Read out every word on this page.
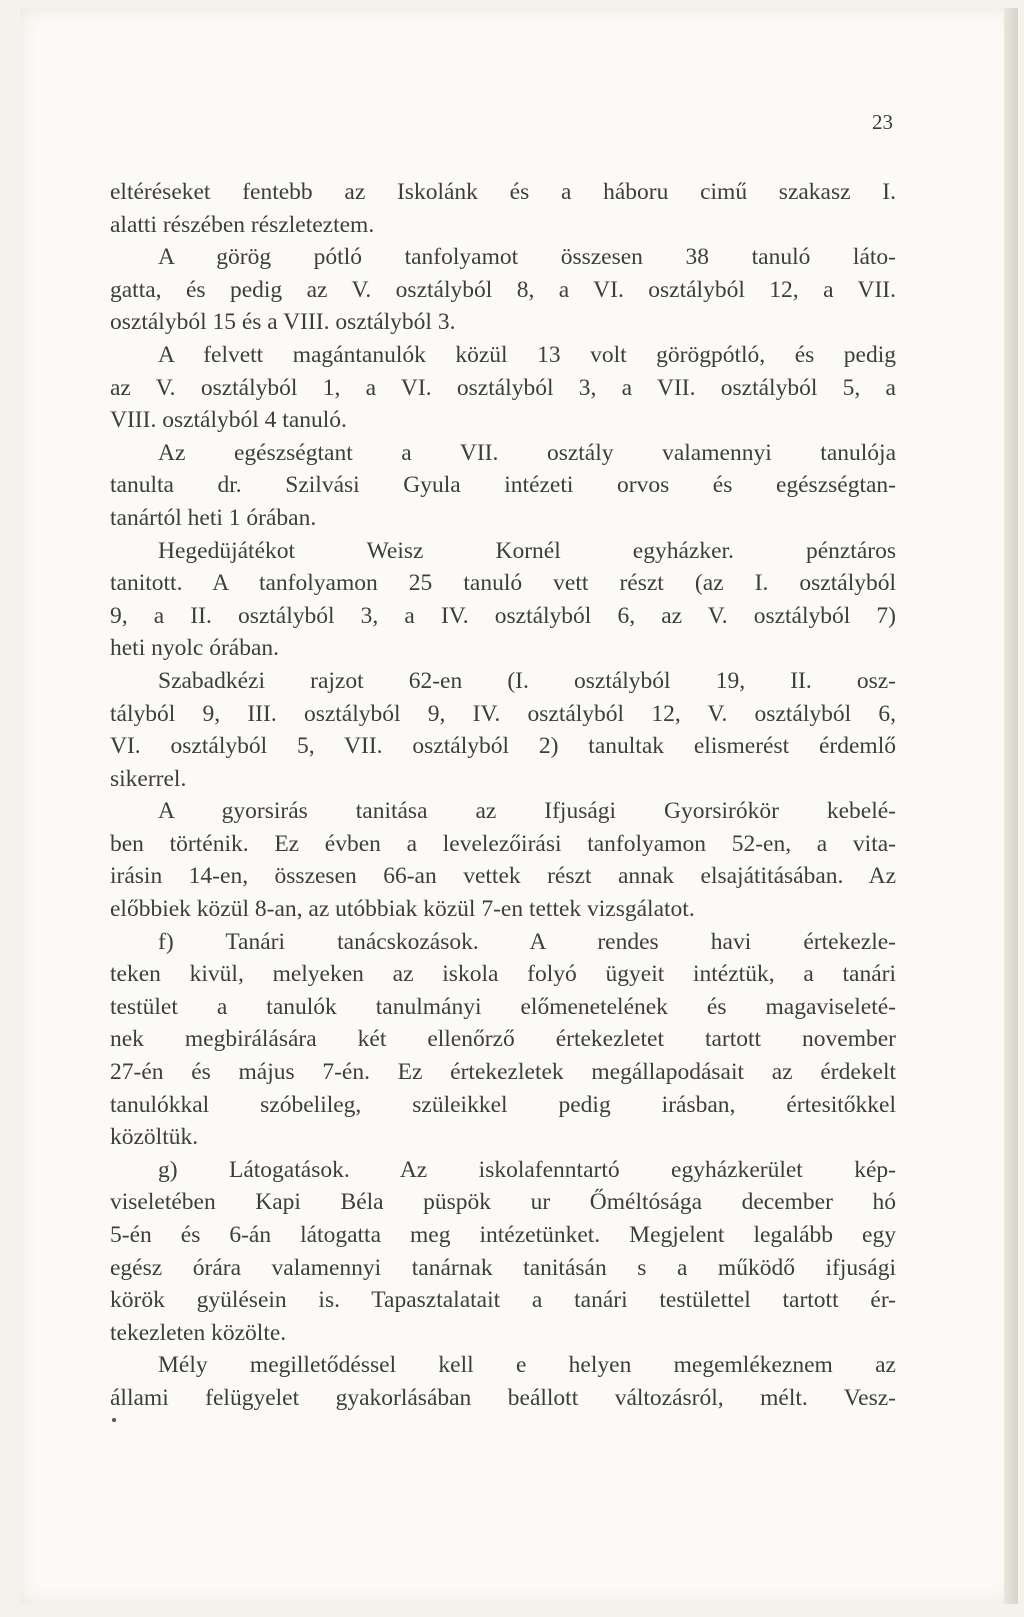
23
eltéréseket fentebb az Iskolánk és a háboru cimű szakasz I.
alatti részében részleteztem.
A görög pótló tanfolyamot összesen 38 tanuló láto-
gatta, és pedig az V. osztályból 8, a VI. osztályból 12, a VII.
osztályból 15 és a VIII. osztályból 3.
A felvett magántanulók közül 13 volt görögpótló, és pedig
az V. osztályból 1, a VI. osztályból 3, a VII. osztályból 5, a
VIII. osztályból 4 tanuló.
Az egészségtant a VII. osztály valamennyi tanulója
tanulta dr. Szilvási Gyula intézeti orvos és egészségtan-
tanártól heti 1 órában.
Hegedüjátékot Weisz Kornél egyházker. pénztáros
tanitott. A tanfolyamon 25 tanuló vett részt (az I. osztályból
9, a II. osztályból 3, a IV. osztályból 6, az V. osztályból 7)
heti nyolc órában.
Szabadkézi rajzot 62-en (I. osztályból 19, II. osz-
tályból 9, III. osztályból 9, IV. osztályból 12, V. osztályból 6,
VI. osztályból 5, VII. osztályból 2) tanultak elismerést érdemlő
sikerrel.
A gyorsirás tanitása az Ifjusági Gyorsirókör kebelé-
ben történik. Ez évben a levelezőirási tanfolyamon 52-en, a vita-
irásin 14-en, összesen 66-an vettek részt annak elsajátitásában. Az
előbbiek közül 8-an, az utóbbiak közül 7-en tettek vizsgálatot.
f) Tanári tanácskozások. A rendes havi értekezle-
teken kivül, melyeken az iskola folyó ügyeit intéztük, a tanári
testület a tanulók tanulmányi előmenetelének és magaviseleté-
nek megbirálására két ellenőrző értekezletet tartott november
27-én és május 7-én. Ez értekezletek megállapodásait az érdekelt
tanulókkal szóbelileg, szüleikkel pedig irásban, értesitőkkel
közöltük.
g) Látogatások. Az iskolafenntartó egyházkerület kép-
viseletében Kapi Béla püspök ur Őméltósága december hó
5-én és 6-án látogatta meg intézetünket. Megjelent legalább egy
egész órára valamennyi tanárnak tanitásán s a működő ifjusági
körök gyülésein is. Tapasztalatait a tanári testülettel tartott ér-
tekezleten közölte.
Mély megilletődéssel kell e helyen megemlékeznem az
állami felügyelet gyakorlásában beállott változásról, mélt. Vesz-
